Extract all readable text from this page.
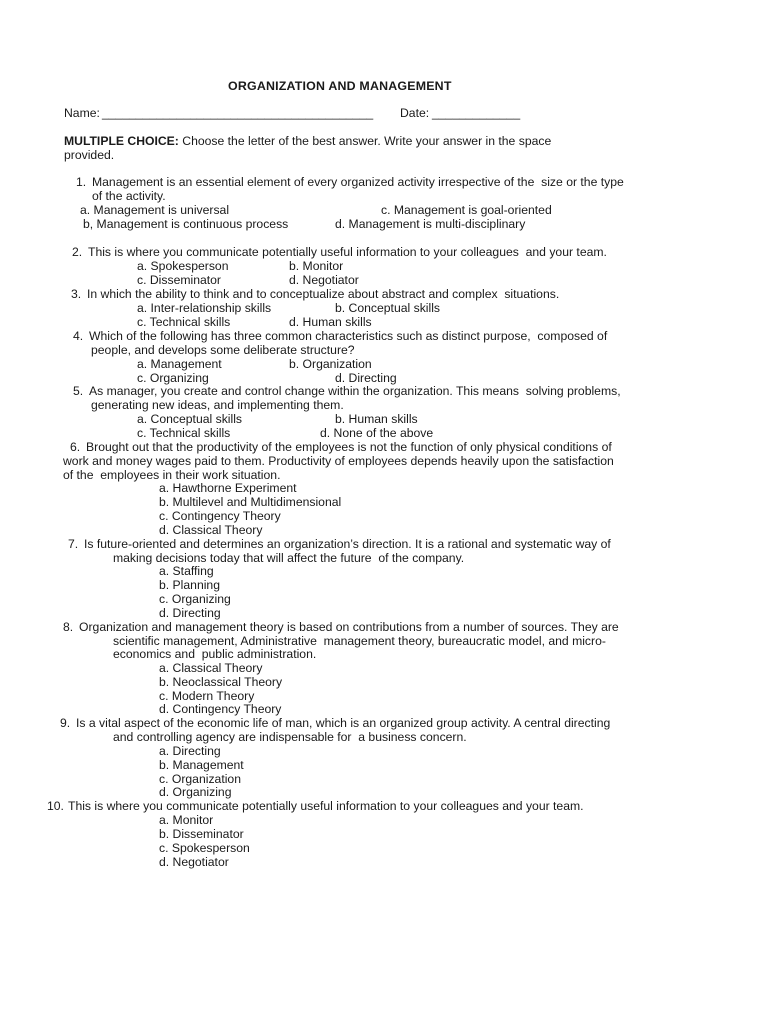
ORGANIZATION AND MANAGEMENT
Name: ________________________________________ Date: _____________
MULTIPLE CHOICE: Choose the letter of the best answer. Write your answer in the space
provided.
1. Management is an essential element of every organized activity irrespective of the  size or the type
of the activity.
a. Management is universal
b, Management is continuous process
c. Management is goal-oriented
d. Management is multi-disciplinary
2. This is where you communicate potentially useful information to your colleagues  and your team.
a. Spokesperson	b. Monitor
c. Disseminator	d. Negotiator
3. In which the ability to think and to conceptualize about abstract and complex  situations.
a. Inter-relationship skills	b. Conceptual skills
c. Technical skills	d. Human skills
4. Which of the following has three common characteristics such as distinct purpose,  composed of
people, and develops some deliberate structure?
a. Management	b. Organization
c. Organizing	d. Directing
5. As manager, you create and control change within the organization. This means  solving problems,
generating new ideas, and implementing them.
a. Conceptual skills	b. Human skills
c. Technical skills	d. None of the above
6. Brought out that the productivity of the employees is not the function of only physical conditions of
work and money wages paid to them. Productivity of employees depends heavily upon the satisfaction
of the  employees in their work situation.
a. Hawthorne Experiment
b. Multilevel and Multidimensional
c. Contingency Theory
d. Classical Theory
7. Is future-oriented and determines an organization’s direction. It is a rational and systematic way of
making decisions today that will affect the future  of the company.
a. Staffing
b. Planning
c. Organizing
d. Directing
8. Organization and management theory is based on contributions from a number of sources. They are
scientific management, Administrative  management theory, bureaucratic model, and micro-
economics and  public administration.
a. Classical Theory
b. Neoclassical Theory
c. Modern Theory
d. Contingency Theory
9. Is a vital aspect of the economic life of man, which is an organized group activity. A central directing
and controlling agency are indispensable for  a business concern.
a. Directing
b. Management
c. Organization
d. Organizing
10. This is where you communicate potentially useful information to your colleagues and your team.
a. Monitor
b. Disseminator
c. Spokesperson
d. Negotiator
